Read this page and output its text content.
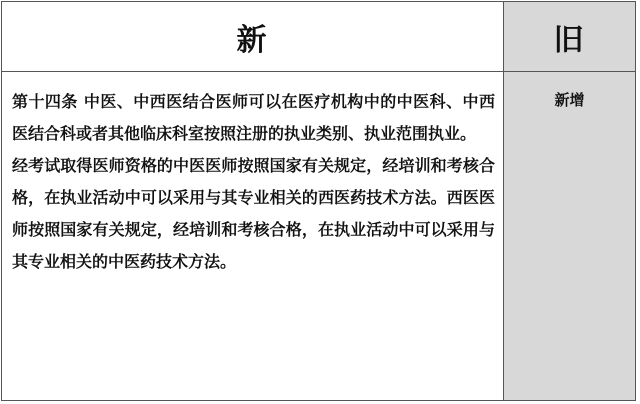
新	旧

第十四条 中医、中西医结合医师可以在医疗机构中的中医科、中西医结合科或者其他临床科室按照注册的执业类别、执业范围执业。

经考试取得医师资格的中医医师按照国家有关规定，经培训和考核合格，在执业活动中可以采用与其专业相关的西医药技术方法。西医医师按照国家有关规定，经培训和考核合格，在执业活动中可以采用与其专业相关的中医药技术方法。

新增
